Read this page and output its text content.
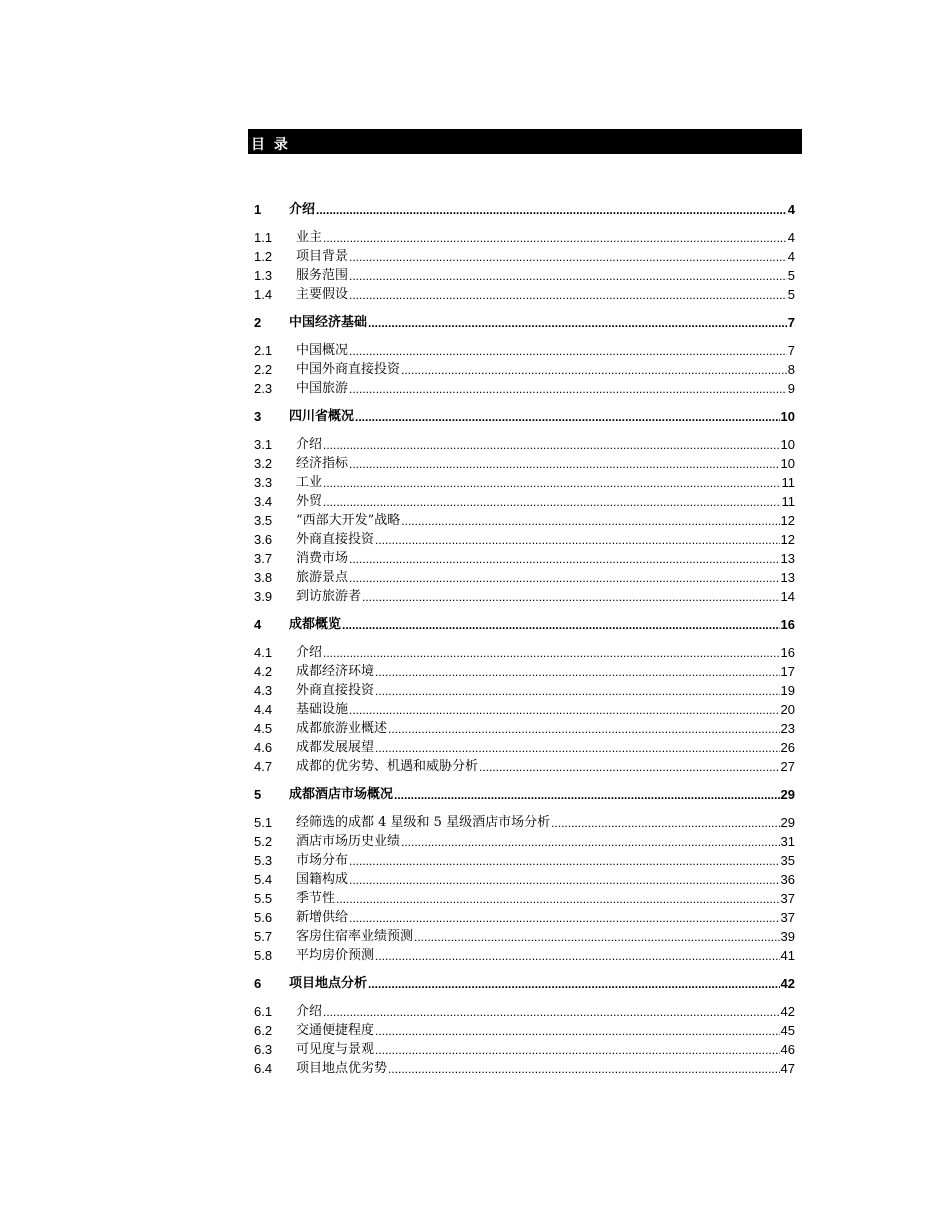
目 录
1	介绍 .....	4
1.1	业主 .....	4
1.2	项目背景 .....	4
1.3	服务范围 .....	5
1.4	主要假设 .....	5
2	中国经济基础 .....	7
2.1	中国概况 .....	7
2.2	中国外商直接投资 .....	8
2.3	中国旅游 .....	9
3	四川省概况 .....	10
3.1	介绍 .....	10
3.2	经济指标 .....	10
3.3	工业 .....	11
3.4	外贸 .....	11
3.5	“西部大开发”战略 .....	12
3.6	外商直接投资 .....	12
3.7	消费市场 .....	13
3.8	旅游景点 .....	13
3.9	到访旅游者 .....	14
4	成都概览 .....	16
4.1	介绍 .....	16
4.2	成都经济环境 .....	17
4.3	外商直接投资 .....	19
4.4	基础设施 .....	20
4.5	成都旅游业概述 .....	23
4.6	成都发展展望 .....	26
4.7	成都的优劣势、机遇和威胁分析 .....	27
5	成都酒店市场概况 .....	29
5.1	经筛选的成都 4 星级和 5 星级酒店市场分析 .....	29
5.2	酒店市场历史业绩 .....	31
5.3	市场分布 .....	35
5.4	国籍构成 .....	36
5.5	季节性 .....	37
5.6	新增供给 .....	37
5.7	客房住宿率业绩预测 .....	39
5.8	平均房价预测 .....	41
6	项目地点分析 .....	42
6.1	介绍 .....	42
6.2	交通便捷程度 .....	45
6.3	可见度与景观 .....	46
6.4	项目地点优劣势 .....	47
